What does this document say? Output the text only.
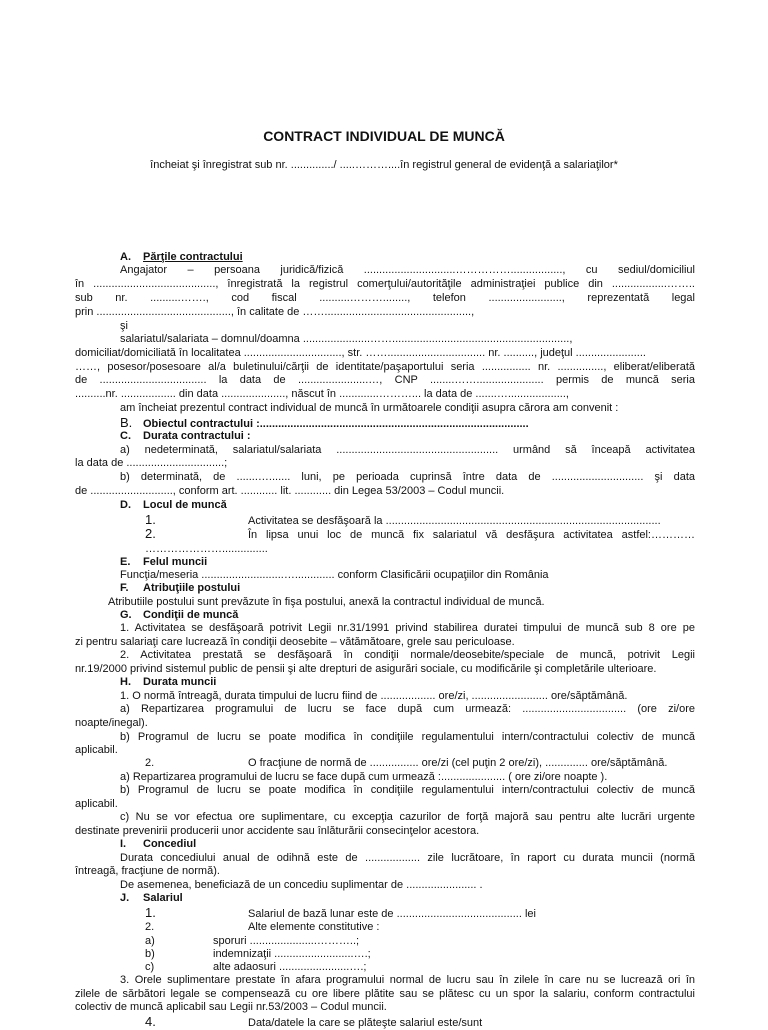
CONTRACT INDIVIDUAL DE MUNCĂ
încheiat şi înregistrat sub nr. ............../ .....………....în registrul general de evidenţă a salariaţilor*
A. Părţile contractului
Angajator – persoana juridică/fizică ..............................……………................., cu sediul/domiciliul
în ........................................, înregistrată la registrul comerţului/autorităţile administraţiei publice din ..................……..
sub nr. ..........……., cod fiscal ..........………........, telefon ........................, reprezentată legal
prin ............................................, în calitate de ……................................................,
şi
salariatul/salariata – domnul/doamna ......................……..........................................................,
domiciliat/domiciliată în localitatea ................................, str. ……................................ nr. .........., judeţul .......................
……, posesor/posesoare al/a buletinului/cărţii de identitate/paşaportului seria ................ nr. ..............., eliberat/eliberată
de ................................... la data de .......................…, CNP ........……...................... permis de muncă seria
..........nr. .................. din data ....................., născut în .............………... la data de .......…...................,
am încheiat prezentul contract individual de muncă în următoarele condiţii asupra cărora am convenit :
B. Obiectul contractului :........................................................................................
C. Durata contractului :
a) nedeterminată, salariatul/salariata ..................................................... urmând să înceapă activitatea
la data de ................................;
b) determinată, de .......…....... luni, pe perioada cuprinsă între data de .............................. şi data
de ..........................., conform art. ............ lit. ............ din Legea 53/2003 – Codul muncii.
D. Locul de muncă
1.	Activitatea se desfăşoară la ..........................................................................................
2.	În lipsa unui loc de muncă fix salariatul vă desfăşura activitatea astfel:…………
…………………...............
E. Felul muncii
Funcţia/meseria ...........................…............. conform Clasificării ocupaţiilor din România
F. Atribuţiile postului
Atributiile postului sunt prevăzute în fişa postului, anexă la contractul individual de muncă.
G. Condiţii de muncă
1. Activitatea se desfăşoară potrivit Legii nr.31/1991 privind stabilirea duratei timpului de muncă sub 8 ore pe
zi pentru salariaţi care lucrează în condiţii deosebite – vătămătoare, grele sau periculoase.
2. Activitatea prestată se desfăşoară în condiţii normale/deosebite/speciale de muncă, potrivit Legii
nr.19/2000 privind sistemul public de pensii şi alte drepturi de asigurări sociale, cu modificările şi completările ulterioare.
H. Durata muncii
1. O normă întreagă, durata timpului de lucru fiind de .................. ore/zi, ......................... ore/săptămână.
a) Repartizarea programului de lucru se face după cum urmează: .................................. (ore zi/ore
noapte/inegal).
b) Programul de lucru se poate modifica în condiţiile regulamentului intern/contractului colectiv de muncă
aplicabil.
2.	O fracţiune de normă de ................ ore/zi (cel puţin 2 ore/zi), .............. ore/săptămână.
a) Repartizarea programului de lucru se face după cum urmează :..................... ( ore zi/ore noapte ).
b) Programul de lucru se poate modifica în condiţiile regulamentului intern/contractului colectiv de muncă
aplicabil.
c) Nu se vor efectua ore suplimentare, cu excepţia cazurilor de forţă majoră sau pentru alte lucrări urgente
destinate prevenirii producerii unor accidente sau înlăturării consecinţelor acestora.
I. Concediul
Durata concediului anual de odihnă este de .................. zile lucrătoare, în raport cu durata muncii (normă
întreagă, fracţiune de normă).
De asemenea, beneficiază de un concediu suplimentar de ....................... .
J. Salariul
1.	Salariul de bază lunar este de ......................................... lei
2.	Alte elemente constitutive :
a)	sporuri ......................………..;
b)	indemnizaţii ..........................….;
c)	alte adaosuri .......................….;
3. Orele suplimentare prestate în afara programului normal de lucru sau în zilele în care nu se lucrează ori în
zilele de sărbători legale se compensează cu ore libere plătite sau se plătesc cu un spor la salariu, conform contractului
colectiv de muncă aplicabil sau Legii nr.53/2003 – Codul muncii.
4.	Data/datele la care se plăteşte salariul este/sunt
